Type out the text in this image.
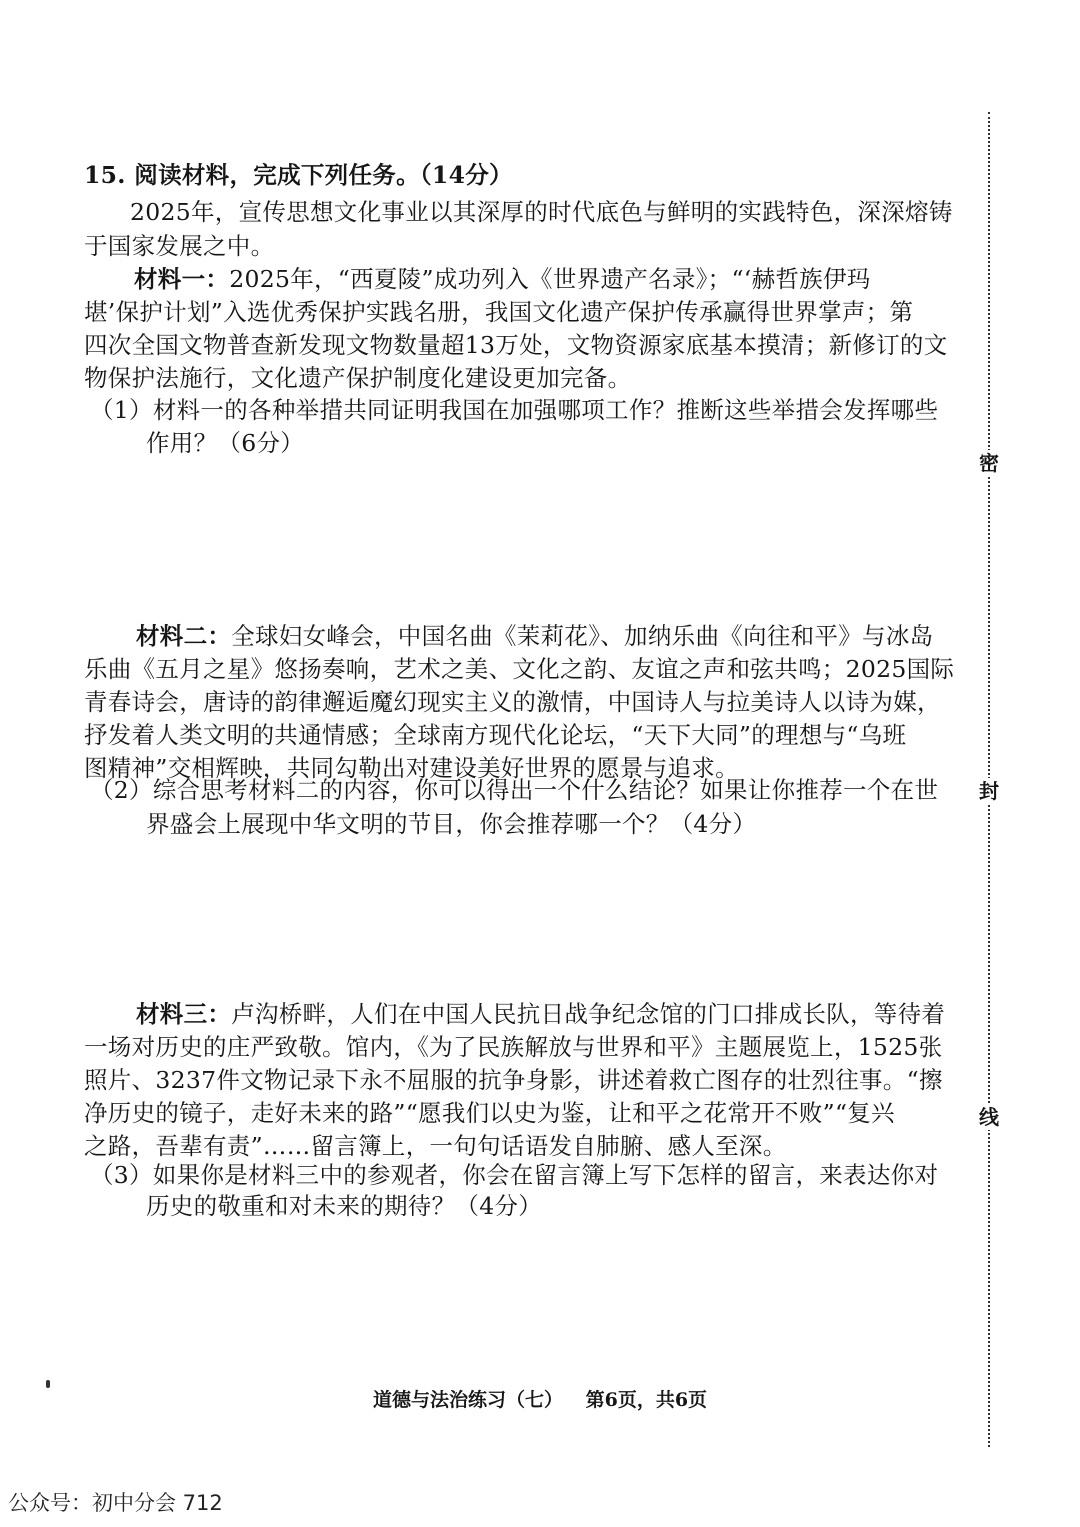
15. 阅读材料，完成下列任务。（14分）
2025年，宣传思想文化事业以其深厚的时代底色与鲜明的实践特色，深深熔铸
于国家发展之中。
材料一：2025年，“西夏陵”成功列入《世界遗产名录》；“‘赫哲族伊玛
堪’保护计划”入选优秀保护实践名册，我国文化遗产保护传承赢得世界掌声；第
四次全国文物普查新发现文物数量超13万处，文物资源家底基本摸清；新修订的文
物保护法施行，文化遗产保护制度化建设更加完备。
（1）材料一的各种举措共同证明我国在加强哪项工作？推断这些举措会发挥哪些
作用？（6分）
材料二：全球妇女峰会，中国名曲《茉莉花》、加纳乐曲《向往和平》与冰岛
乐曲《五月之星》悠扬奏响，艺术之美、文化之韵、友谊之声和弦共鸣；2025国际
青春诗会，唐诗的韵律邂逅魔幻现实主义的激情，中国诗人与拉美诗人以诗为媒，
抒发着人类文明的共通情感；全球南方现代化论坛，“天下大同”的理想与“乌班
图精神”交相辉映，共同勾勒出对建设美好世界的愿景与追求。
（2）综合思考材料二的内容，你可以得出一个什么结论？如果让你推荐一个在世
界盛会上展现中华文明的节目，你会推荐哪一个？（4分）
材料三：卢沟桥畔，人们在中国人民抗日战争纪念馆的门口排成长队，等待着
一场对历史的庄严致敬。馆内，《为了民族解放与世界和平》主题展览上，1525张
照片、3237件文物记录下永不屈服的抗争身影，讲述着救亡图存的壮烈往事。“擦
净历史的镜子，走好未来的路”“愿我们以史为鉴，让和平之花常开不败”“复兴
之路，吾辈有责”……留言簿上，一句句话语发自肺腑、感人至深。
（3）如果你是材料三中的参观者，你会在留言簿上写下怎样的留言，来表达你对
历史的敬重和对未来的期待？（4分）
密
封
线
道德与法治练习（七） 第6页，共6页
公众号：初中分会 712
